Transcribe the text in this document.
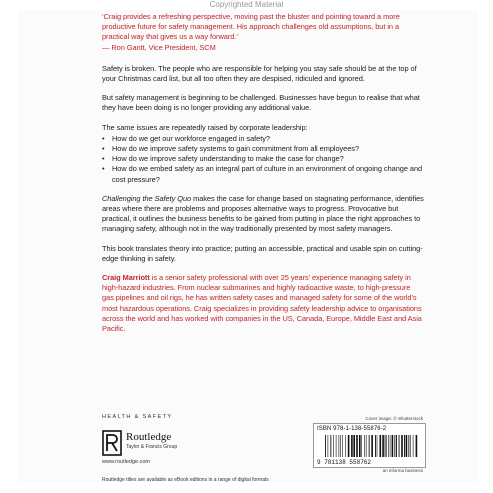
Copyrighted Material

‘Craig provides a refreshing perspective, moving past the bluster and pointing toward a more productive future for safety management. His approach challenges old assumptions, but in a practical way that gives us a way forward.’
— Ron Gantt, Vice President, SCM

Safety is broken. The people who are responsible for helping you stay safe should be at the top of your Christmas card list, but all too often they are despised, ridiculed and ignored.

But safety management is beginning to be challenged. Businesses have begun to realise that what they have been doing is no longer providing any additional value.

The same issues are repeatedly raised by corporate leadership:

• How do we get our workforce engaged in safety?
• How do we improve safety systems to gain commitment from all employees?
• How do we improve safety understanding to make the case for change?
• How do we embed safety as an integral part of culture in an environment of ongoing change and cost pressure?

Challenging the Safety Quo makes the case for change based on stagnating performance, identifies areas where there are problems and proposes alternative ways to progress. Provocative but practical, it outlines the business benefits to be gained from putting in place the right approaches to managing safety, although not in the way traditionally presented by most safety managers.

This book translates theory into practice; putting an accessible, practical and usable spin on cutting-edge thinking in safety.

Craig Marriott is a senior safety professional with over 25 years’ experience managing safety in high-hazard industries. From nuclear submarines and highly radioactive waste, to high-pressure gas pipelines and oil rigs, he has written safety cases and managed safety for some of the world’s most hazardous operations. Craig specializes in providing safety leadership advice to organisations across the world and has worked with companies in the US, Canada, Europe, Middle East and Asia Pacific.

HEALTH & SAFETY
Routledge
Taylor & Francis Group
www.routledge.com
Cover image: © Shutterstock
ISBN 978-1-138-55876-2
9 781138 558762
an informa business
Routledge titles are available as eBook editions in a range of digital formats
